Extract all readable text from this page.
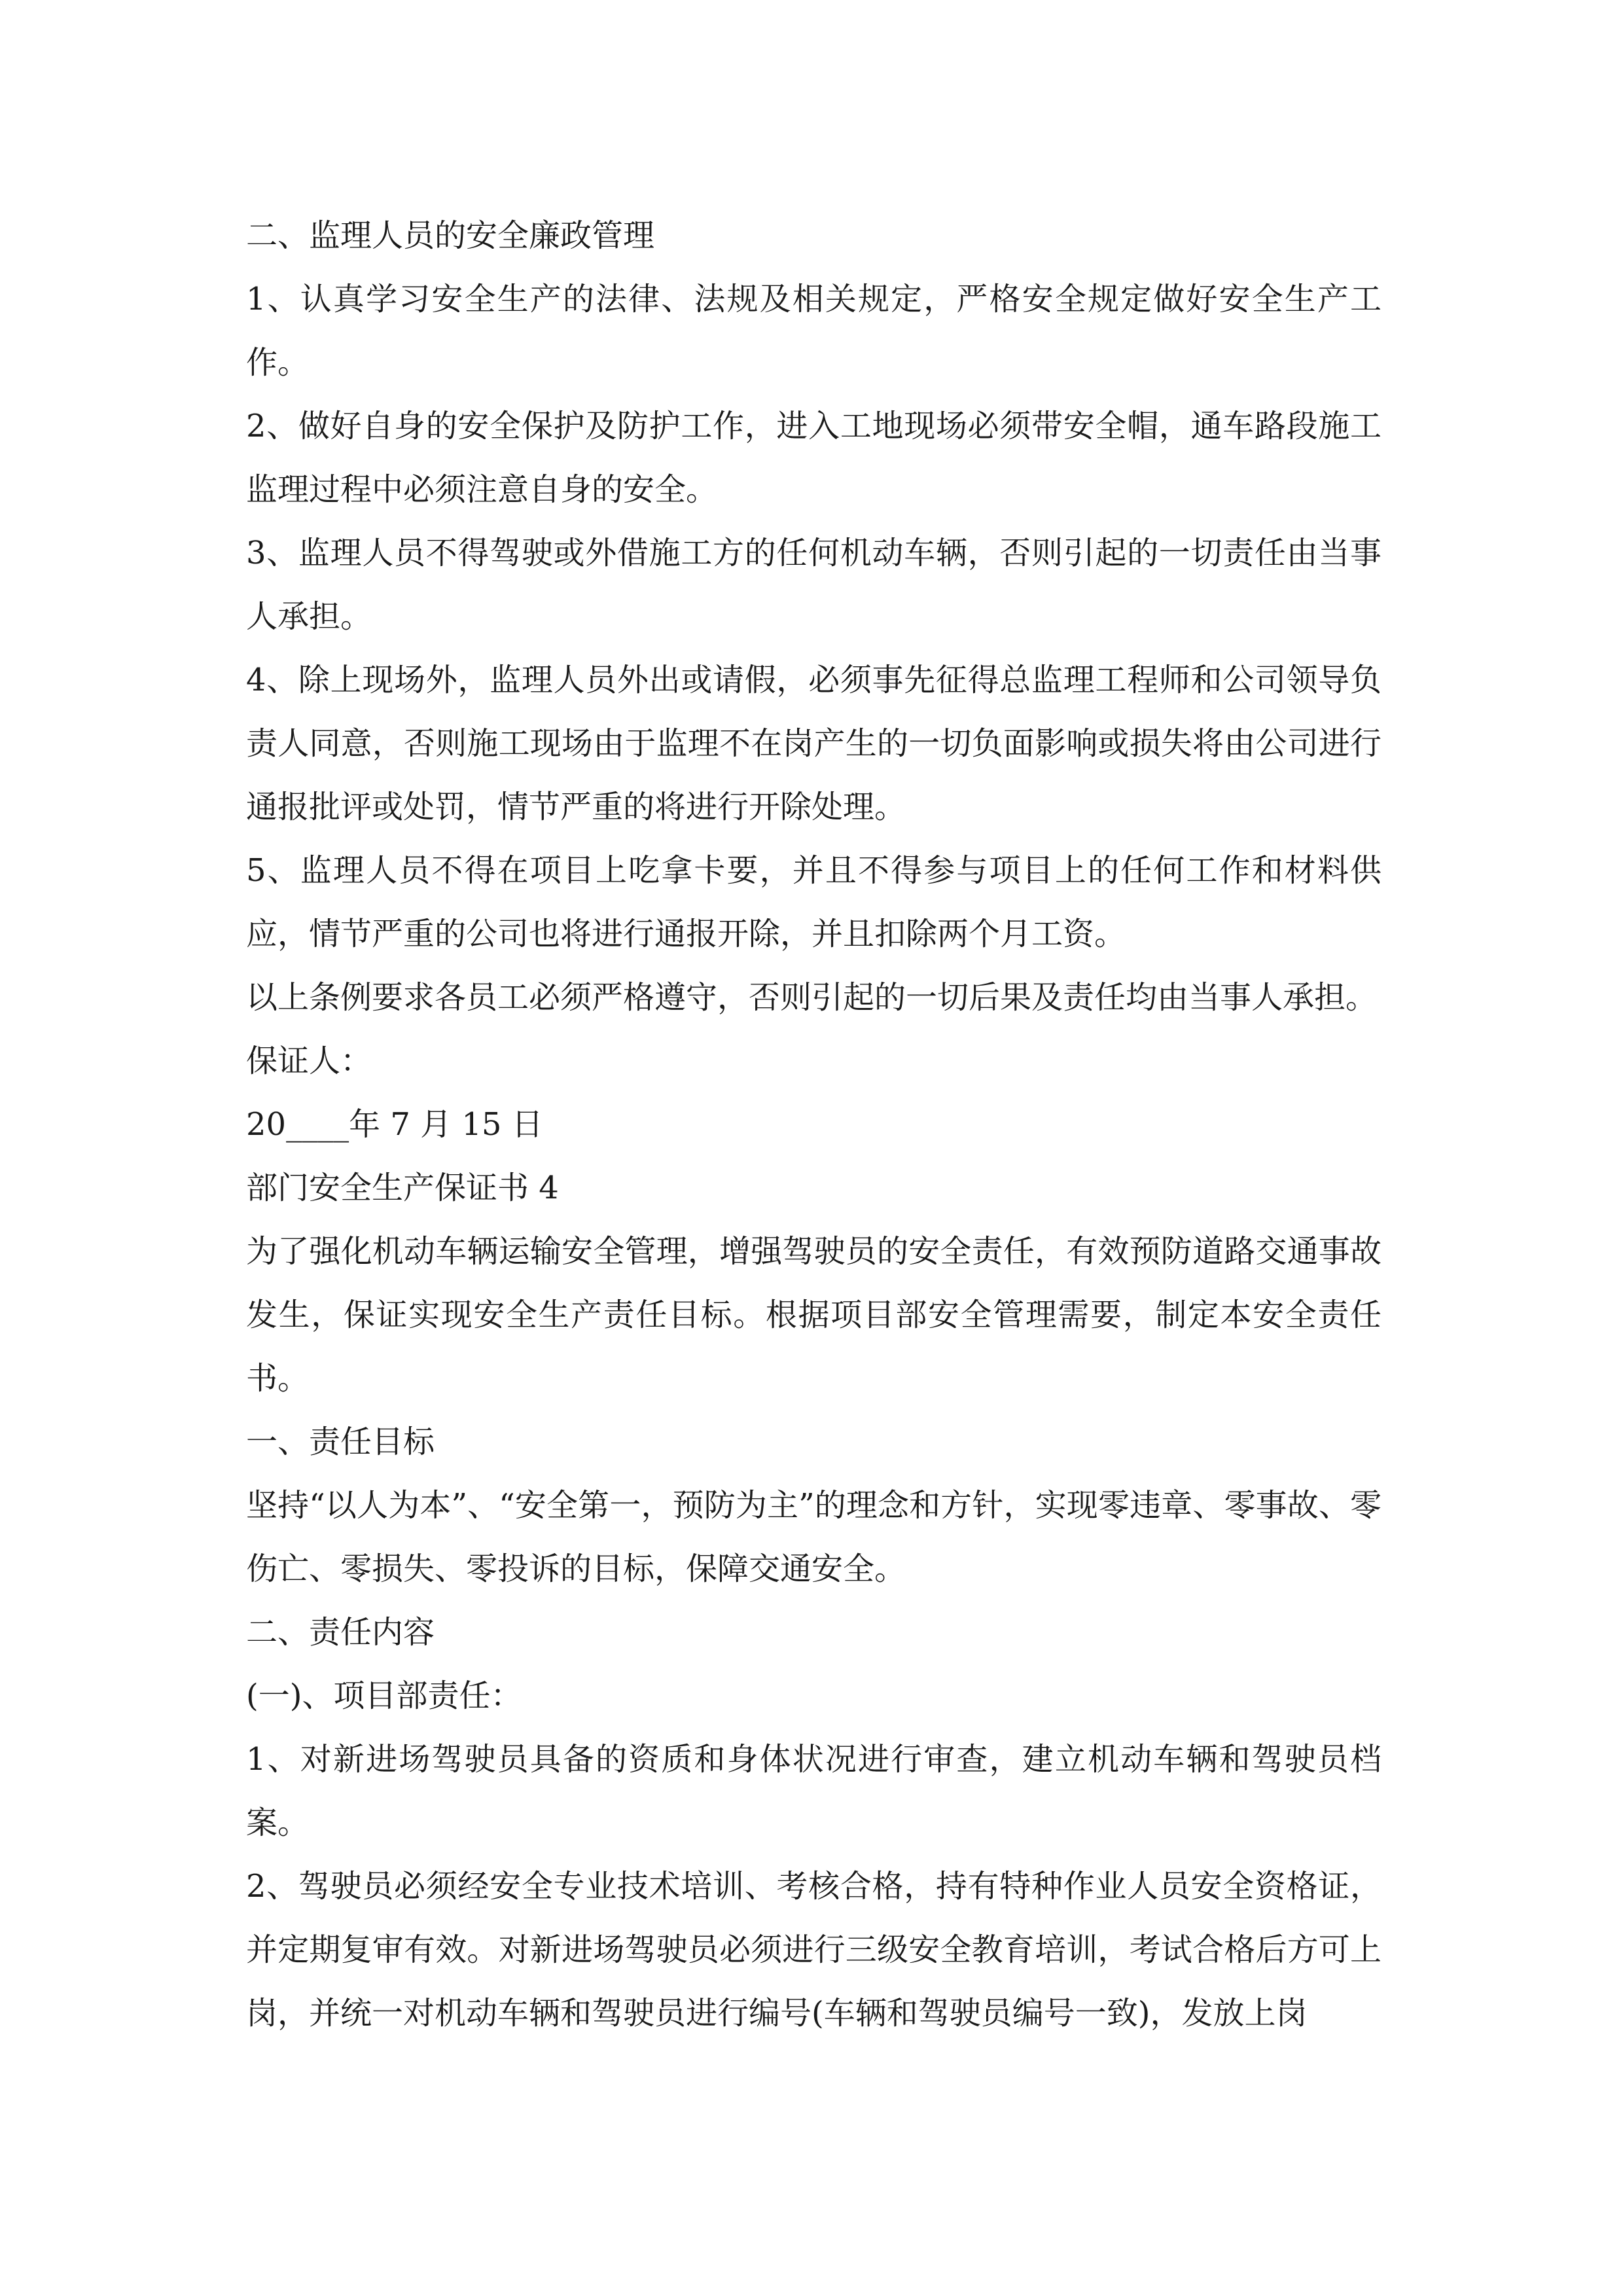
二、监理人员的安全廉政管理

1、认真学习安全生产的法律、法规及相关规定，严格安全规定做好安全生产工作。

2、做好自身的安全保护及防护工作，进入工地现场必须带安全帽，通车路段施工监理过程中必须注意自身的安全。

3、监理人员不得驾驶或外借施工方的任何机动车辆，否则引起的一切责任由当事人承担。

4、除上现场外，监理人员外出或请假，必须事先征得总监理工程师和公司领导负责人同意，否则施工现场由于监理不在岗产生的一切负面影响或损失将由公司进行通报批评或处罚，情节严重的将进行开除处理。

5、监理人员不得在项目上吃拿卡要，并且不得参与项目上的任何工作和材料供应，情节严重的公司也将进行通报开除，并且扣除两个月工资。

以上条例要求各员工必须严格遵守，否则引起的一切后果及责任均由当事人承担。

保证人：

20____年 7 月 15 日

部门安全生产保证书 4

为了强化机动车辆运输安全管理，增强驾驶员的安全责任，有效预防道路交通事故发生，保证实现安全生产责任目标。根据项目部安全管理需要，制定本安全责任书。

一、责任目标

坚持“以人为本”、“安全第一，预防为主”的理念和方针，实现零违章、零事故、零伤亡、零损失、零投诉的目标，保障交通安全。

二、责任内容

(一)、项目部责任：

1、对新进场驾驶员具备的资质和身体状况进行审查，建立机动车辆和驾驶员档案。

2、驾驶员必须经安全专业技术培训、考核合格，持有特种作业人员安全资格证，并定期复审有效。对新进场驾驶员必须进行三级安全教育培训，考试合格后方可上岗，并统一对机动车辆和驾驶员进行编号(车辆和驾驶员编号一致)，发放上岗
